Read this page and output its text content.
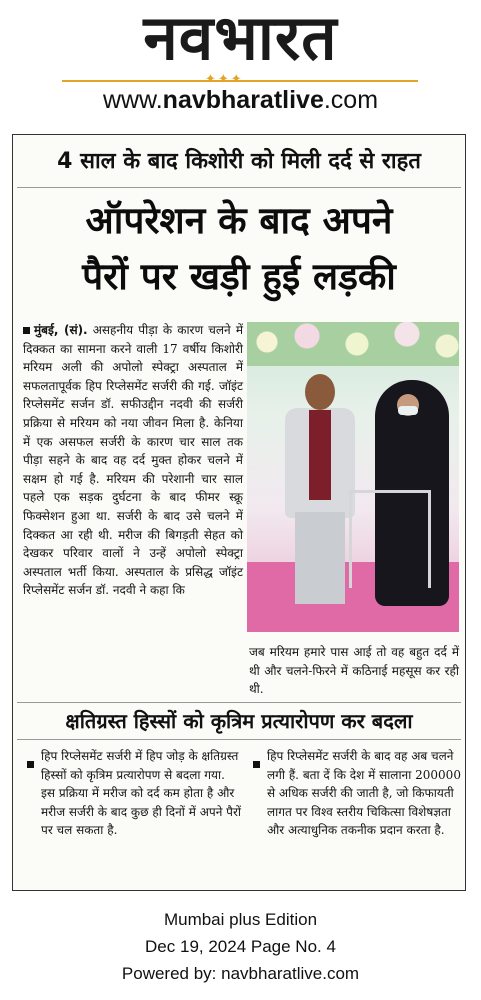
नवभारत
✦✦✦
www.navbharatlive.com
4 साल के बाद किशोरी को मिली दर्द से राहत
ऑपरेशन के बाद अपने
पैरों पर खड़ी हुई लड़की
मुंबई, (सं). असहनीय पीड़ा के कारण चलने में दिक्कत का सामना करने वाली 17 वर्षीय किशोरी मरियम अली की अपोलो स्पेक्ट्रा अस्पताल में सफलतापूर्वक हिप रिप्लेसमेंट सर्जरी की गई. जॉइंट रिप्लेसमेंट सर्जन डॉ. सफीउद्दीन नदवी की सर्जरी प्रक्रिया से मरियम को नया जीवन मिला है. केनिया में एक असफल सर्जरी के कारण चार साल तक पीड़ा सहने के बाद वह दर्द मुक्त होकर चलने में सक्षम हो गई है. मरियम की परेशानी चार साल पहले एक सड़क दुर्घटना के बाद फीमर स्क्रू फिक्सेशन हुआ था. सर्जरी के बाद उसे चलने में दिक्कत आ रही थी. मरीज की बिगड़ती सेहत को देखकर परिवार वालों ने उन्हें अपोलो स्पेक्ट्रा अस्पताल भर्ती किया. अस्पताल के प्रसिद्ध जॉइंट रिप्लेसमेंट सर्जन डॉ. नदवी ने कहा कि
जब मरियम हमारे पास आई तो वह बहुत दर्द में थी और चलने-फिरने में कठिनाई महसूस कर रही थी.
क्षतिग्रस्त हिस्सों को कृत्रिम प्रत्यारोपण कर बदला
हिप रिप्लेसमेंट सर्जरी में हिप जोड़ के क्षतिग्रस्त हिस्सों को कृत्रिम प्रत्यारोपण से बदला गया. इस प्रक्रिया में मरीज को दर्द कम होता है और मरीज सर्जरी के बाद कुछ ही दिनों में अपने पैरों पर चल सकता है.
हिप रिप्लेसमेंट सर्जरी के बाद वह अब चलने लगी हैं. बता दें कि देश में सालाना 200000 से अधिक सर्जरी की जाती है, जो किफायती लागत पर विश्व स्तरीय चिकित्सा विशेषज्ञता और अत्याधुनिक तकनीक प्रदान करता है.
Mumbai plus Edition
Dec 19, 2024 Page No. 4
Powered by: navbharatlive.com
